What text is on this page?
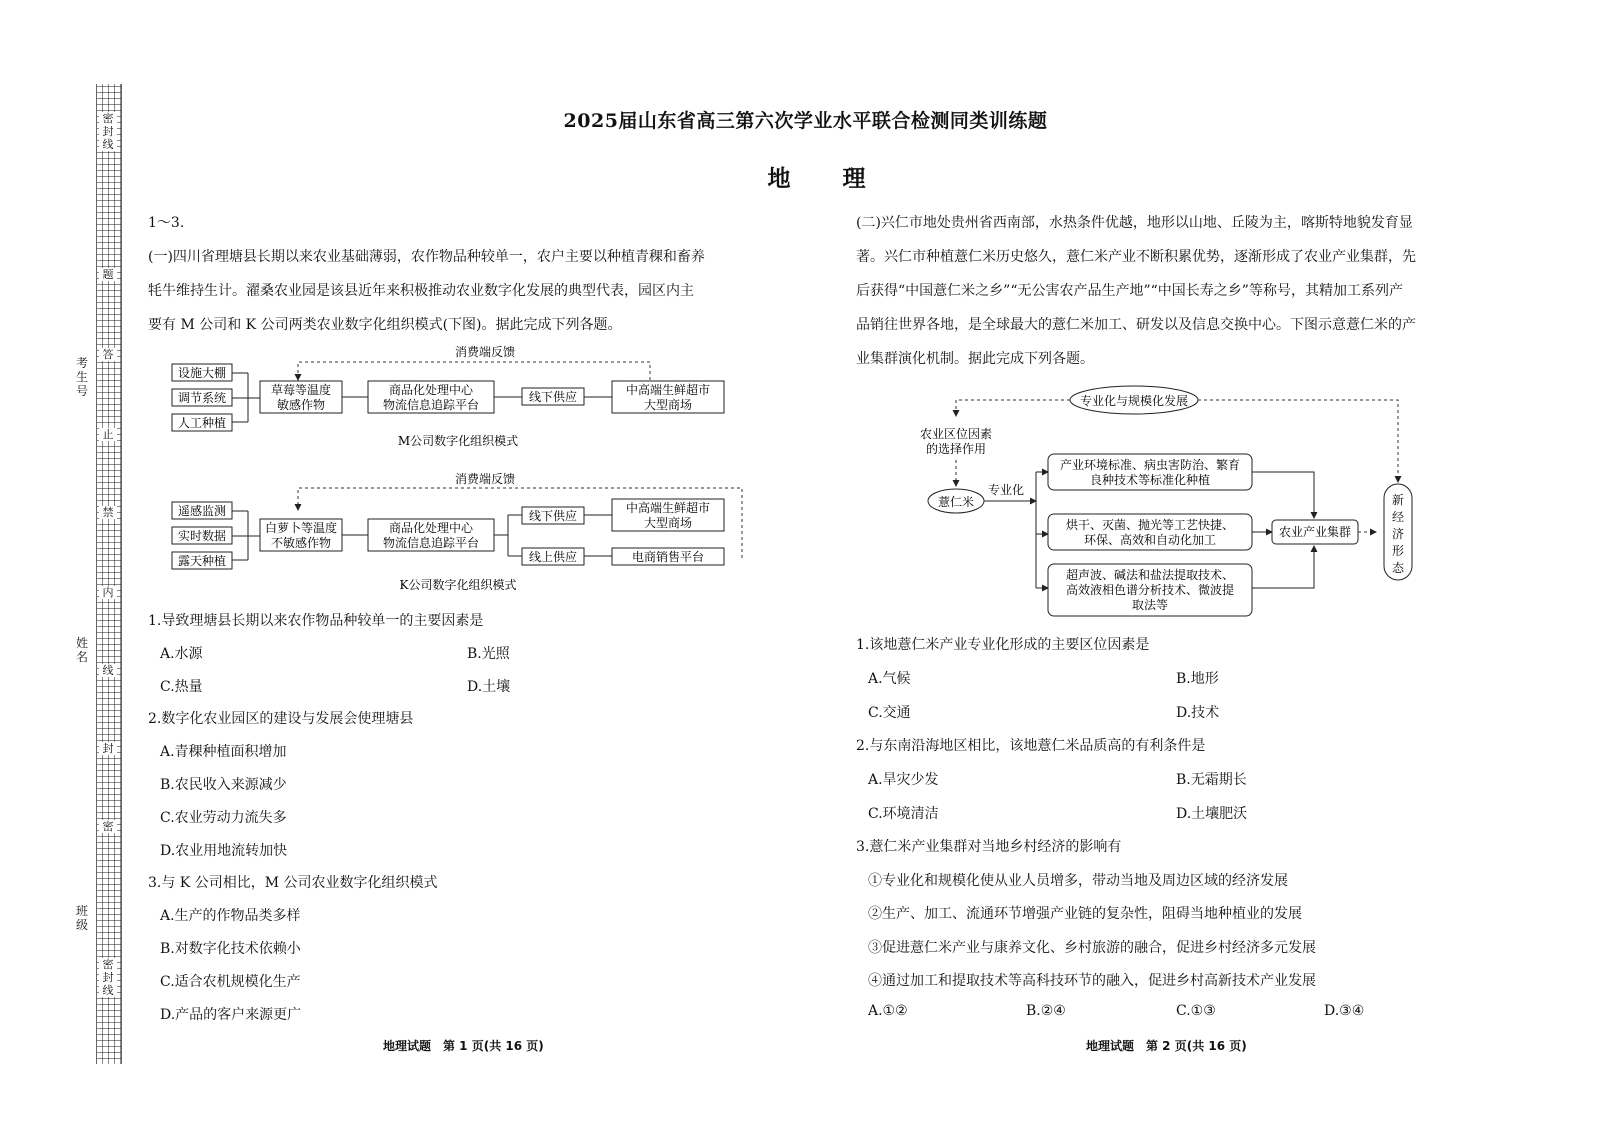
密封线
题
答
止
禁
内
线
封
密
密封线
考生号
姓名
班级
2025届山东省高三第六次学业水平联合检测同类训练题
地 理

1～3.

(一)四川省理塘县长期以来农业基础薄弱，农作物品种较单一，农户主要以种植青稞和畜养

牦牛维持生计。濯桑农业园是该县近年来积极推动农业数字化发展的典型代表，园区内主

要有 M 公司和 K 公司两类农业数字化组织模式(下图)。据此完成下列各题。

消费端反馈
设施大棚
调节系统
人工种植
草莓等温度
敏感作物
商品化处理中心
物流信息追踪平台
线下供应	中高端生鲜超市
大型商场
M公司数字化组织模式
消费端反馈
遥感监测
实时数据
露天种植
白萝卜等温度
不敏感作物
商品化处理中心
物流信息追踪平台
线下供应
线上供应
中高端生鲜超市
大型商场
电商销售平台
K公司数字化组织模式
1.导致理塘县长期以来农作物品种较单一的主要因素是
A.水源	B.光照
C.热量	D.土壤
2.数字化农业园区的建设与发展会使理塘县
A.青稞种植面积增加
B.农民收入来源减少
C.农业劳动力流失多
D.农业用地流转加快
3.与 K 公司相比，M 公司农业数字化组织模式
A.生产的作物品类多样
B.对数字化技术依赖小
C.适合农机规模化生产
D.产品的客户来源更广
地理试题　第 1 页(共 16 页)

(二)兴仁市地处贵州省西南部，水热条件优越，地形以山地、丘陵为主，喀斯特地貌发育显

著。兴仁市种植薏仁米历史悠久，薏仁米产业不断积累优势，逐渐形成了农业产业集群，先

后获得“中国薏仁米之乡”“无公害农产品生产地”“中国长寿之乡”等称号，其精加工系列产

品销往世界各地，是全球最大的薏仁米加工、研发以及信息交换中心。下图示意薏仁米的产

业集群演化机制。据此完成下列各题。

专业化与规模化发展
农业区位因素
的选择作用
薏仁米
专业化
产业环境标准、病虫害防治、繁育
良种技术等标准化种植
烘干、灭菌、抛光等工艺快捷、
环保、高效和自动化加工
超声波、碱法和盐法提取技术、
高效液相色谱分析技术、微波提
取法等
农业产业集群
新
经
济
形
态
1.该地薏仁米产业专业化形成的主要区位因素是
A.气候	B.地形
C.交通	D.技术
2.与东南沿海地区相比，该地薏仁米品质高的有利条件是
A.旱灾少发	B.无霜期长
C.环境清洁	D.土壤肥沃
3.薏仁米产业集群对当地乡村经济的影响有
①专业化和规模化使从业人员增多，带动当地及周边区域的经济发展
②生产、加工、流通环节增强产业链的复杂性，阻碍当地种植业的发展
③促进薏仁米产业与康养文化、乡村旅游的融合，促进乡村经济多元发展
④通过加工和提取技术等高科技环节的融入，促进乡村高新技术产业发展
A.①②	B.②④	C.①③	D.③④
地理试题　第 2 页(共 16 页)
